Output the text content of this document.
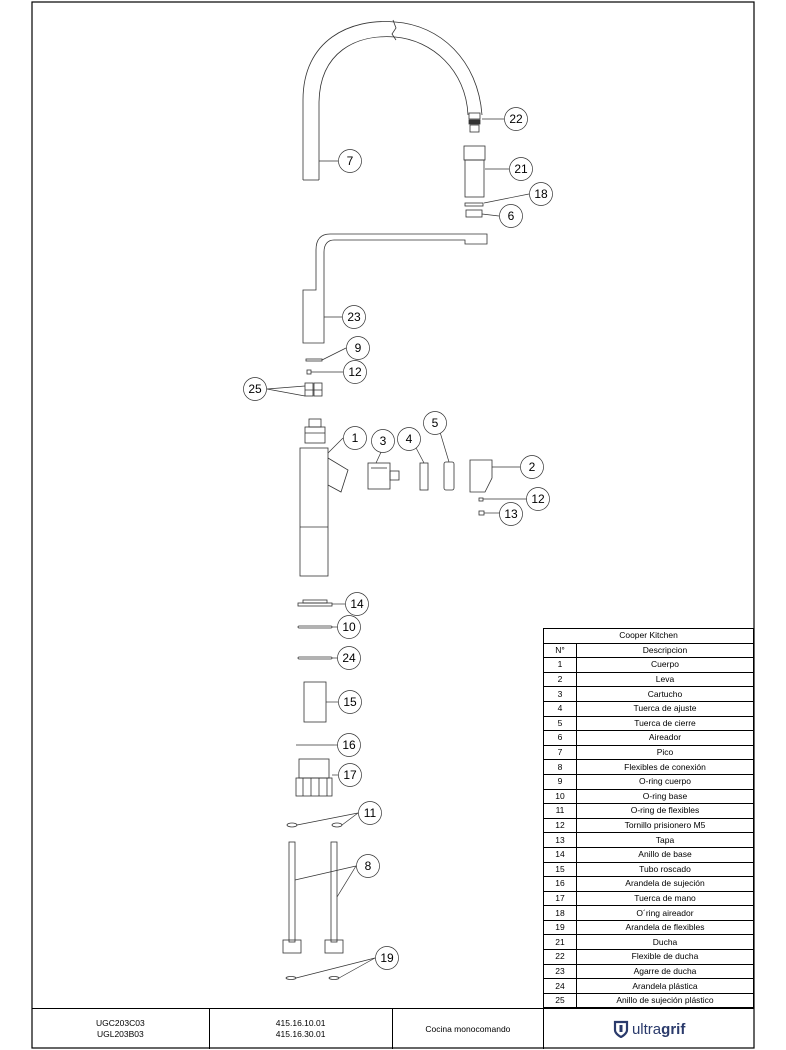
22
7
21
18
6
23
9
12
25
1 3 4
5
2
12
13
14
10
24
15
16
17
11
8
19
Cooper Kitchen	
N°	Descripcion
1	Cuerpo
2	Leva
3	Cartucho
4	Tuerca de ajuste
5	Tuerca de cierre
6	Aireador
7	Pico
8	Flexibles de conexión
9	O-ring cuerpo
10	O-ring base
11	O-ring de flexibles
12	Tornillo prisionero M5
13	Tapa
14	Anillo de base
15	Tubo roscado
16	Arandela de sujeción
17	Tuerca de mano
18	O´ring aireador
19	Arandela de flexibles
21	Ducha
22	Flexible de ducha
23	Agarre de ducha
24	Arandela plástica
25	Anillo de sujeción plástico
UGC203C03
UGL203B03
415.16.10.01
415.16.30.01
Cocina monocomando	ultragrif
